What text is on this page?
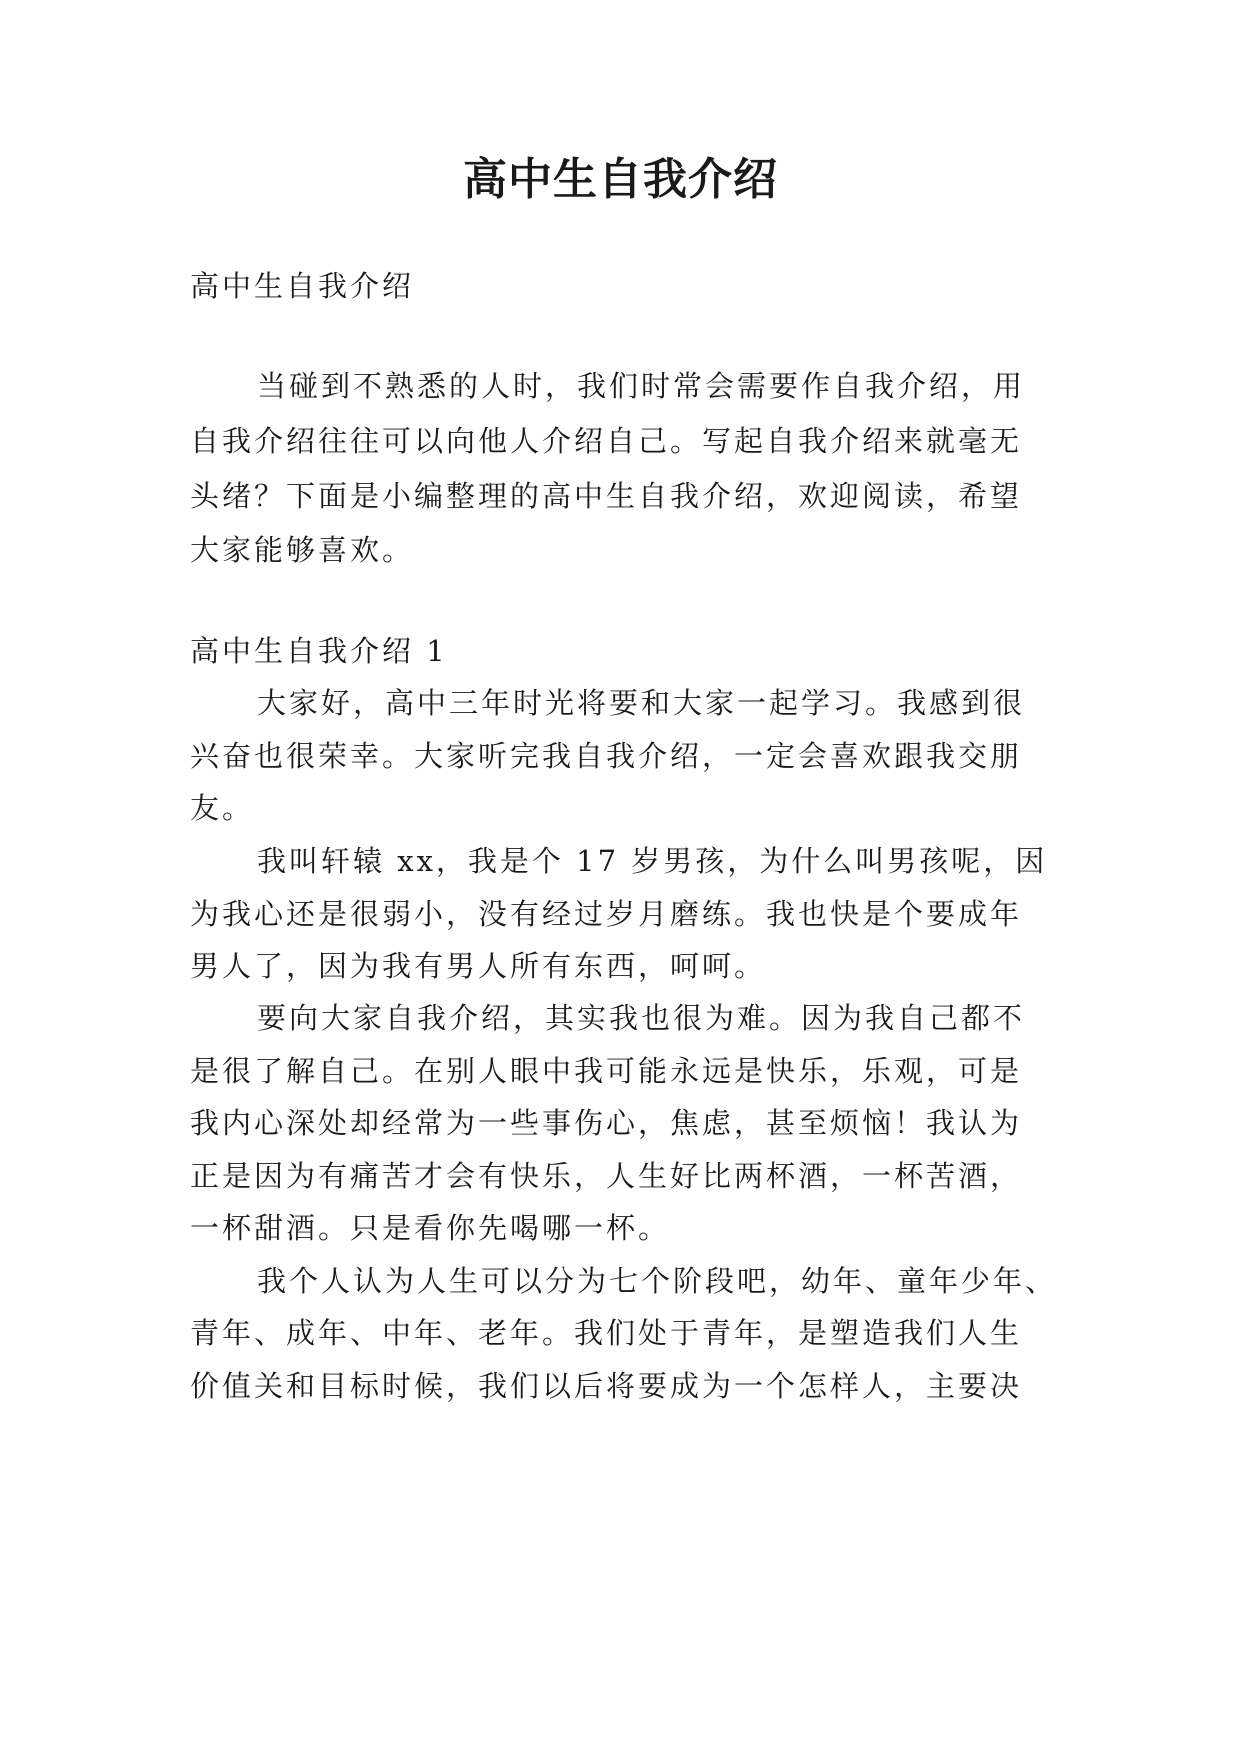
高中生自我介绍

高中生自我介绍

当碰到不熟悉的人时，我们时常会需要作自我介绍，用

自我介绍往往可以向他人介绍自己。写起自我介绍来就毫无

头绪？下面是小编整理的高中生自我介绍，欢迎阅读，希望

大家能够喜欢。

高中生自我介绍 1

大家好，高中三年时光将要和大家一起学习。我感到很

兴奋也很荣幸。大家听完我自我介绍，一定会喜欢跟我交朋

友。

我叫轩辕 xx，我是个 17 岁男孩，为什么叫男孩呢，因

为我心还是很弱小，没有经过岁月磨练。我也快是个要成年

男人了，因为我有男人所有东西，呵呵。

要向大家自我介绍，其实我也很为难。因为我自己都不

是很了解自己。在别人眼中我可能永远是快乐，乐观，可是

我内心深处却经常为一些事伤心，焦虑，甚至烦恼！我认为

正是因为有痛苦才会有快乐，人生好比两杯酒，一杯苦酒，

一杯甜酒。只是看你先喝哪一杯。

我个人认为人生可以分为七个阶段吧，幼年、童年少年、

青年、成年、中年、老年。我们处于青年，是塑造我们人生

价值关和目标时候，我们以后将要成为一个怎样人，主要决
